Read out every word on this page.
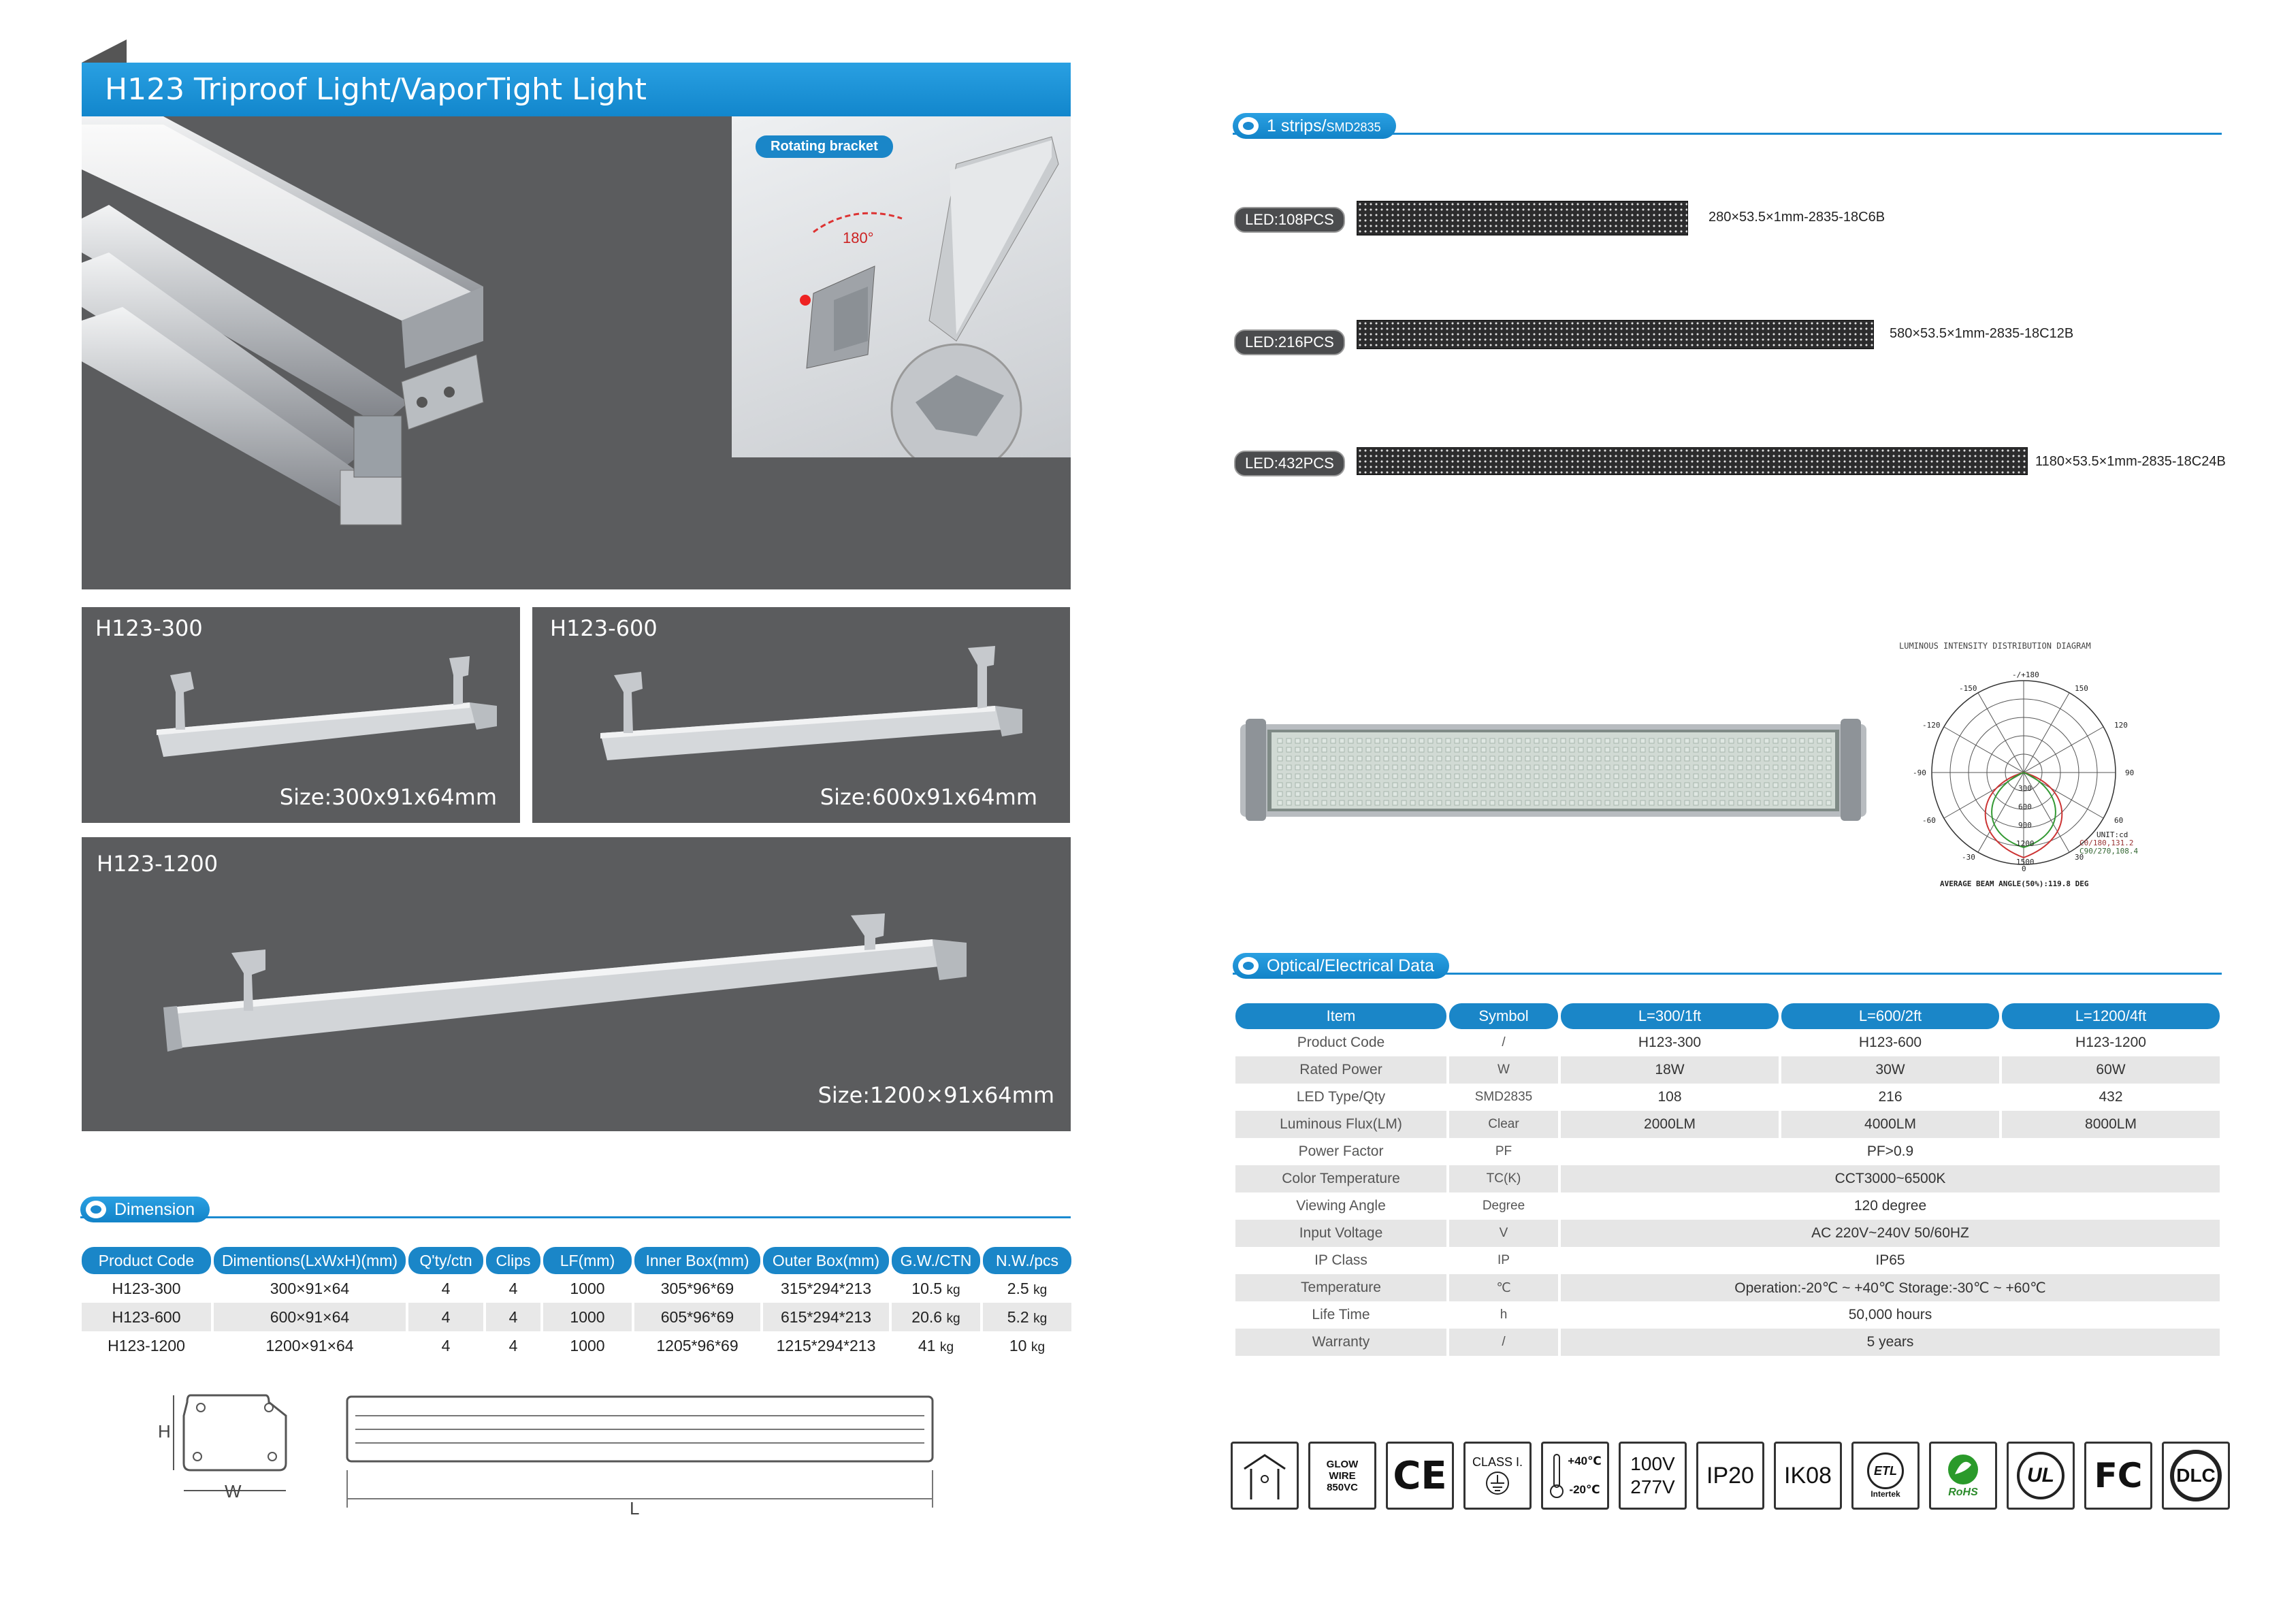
H123 Triproof Light/VaporTight Light
180°
Rotating bracket
H123-300
Size:300x91x64mm
H123-600
Size:600x91x64mm
H123-1200
Size:1200×91x64mm
Dimension
Product Code	Dimentions(LxWxH)(mm)	Q'ty/ctn	Clips	LF(mm)	Inner Box(mm)	Outer Box(mm)	G.W./CTN	N.W./pcs
H123-300	300×91×64	4	4	1000	305*96*69	315*294*213	10.5 kg	2.5 kg
H123-600	600×91×64	4	4	1000	605*96*69	615*294*213	20.6 kg	5.2 kg
H123-1200	1200×91×64	4	4	1000	1205*96*69	1215*294*213	41 kg	10 kg
H
W
L
1 strips/SMD2835
LED:108PCS	280×53.5×1mm-2835-18C6B
LED:216PCS	580×53.5×1mm-2835-18C12B
LED:432PCS	1180×53.5×1mm-2835-18C24B
LUMINOUS INTENSITY DISTRIBUTION DIAGRAM
-/+180
-150	150
-120	120
-90	90
-60	60
-30	30
0
300
600
900
1200
1500
UNIT:cd
C0/180,131.2
C90/270,108.4
AVERAGE BEAM ANGLE(50%):119.8 DEG
Optical/Electrical Data
Item	Symbol	L=300/1ft	L=600/2ft	L=1200/4ft
Product Code	/	H123-300	H123-600	H123-1200
Rated Power	W	18W	30W	60W
LED Type/Qty	SMD2835	108	216	432
Luminous Flux(LM)	Clear	2000LM	4000LM	8000LM
Power Factor	PF	PF>0.9		
Color Temperature	TC(K)	CCT3000~6500K		
Viewing Angle	Degree	120 degree		
Input Voltage	V	AC 220V~240V 50/60HZ		
IP Class	IP	IP65		
Temperature	℃	Operation:-20℃ ~ +40℃ Storage:-30℃ ~ +60℃		
Life Time	h	50,000 hours		
Warranty	/	5 years		
GLOW
WIRE
850VC CE	CLASS I.	+40℃
-20℃
100V
277V	IP20	IK08	ETL
Intertek	RoHS
UL	FC	DLC
